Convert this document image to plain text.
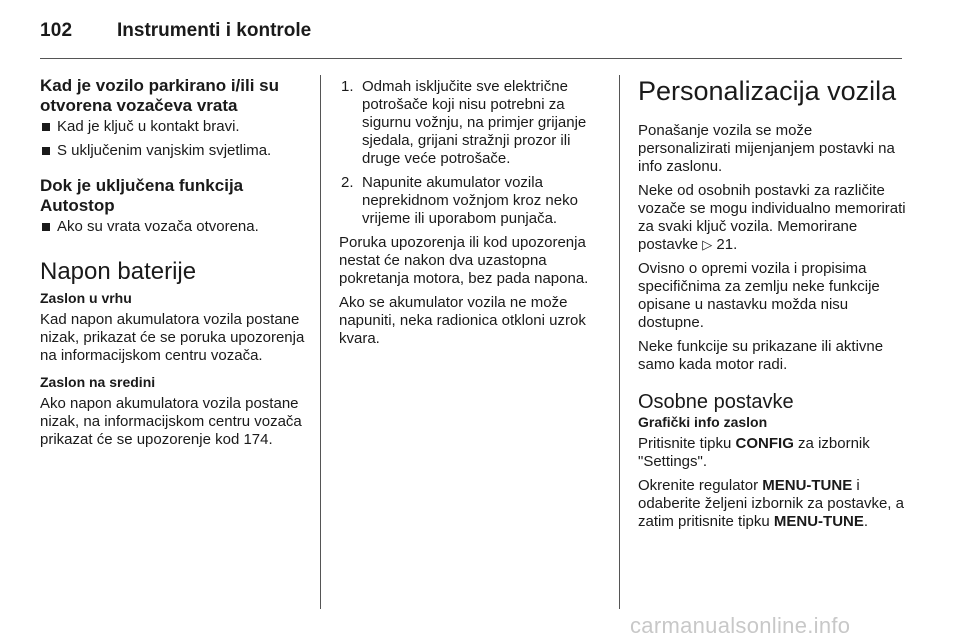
102 Instrumenti i kontrole
Kad je vozilo parkirano i/ili su otvorena vozačeva vrata
Kad je ključ u kontakt bravi.
S uključenim vanjskim svjetlima.
Dok je uključena funkcija Autostop
Ako su vrata vozača otvorena.
Napon baterije
Zaslon u vrhu

Kad napon akumulatora vozila postane nizak, prikazat će se poruka upozorenja na informacijskom centru vozača.

Zaslon na sredini

Ako napon akumulatora vozila postane nizak, na informacijskom centru vozača prikazat će se upozorenje kod 174.

1. Odmah isključite sve električne potrošače koji nisu potrebni za sigurnu vožnju, na primjer grijanje sjedala, grijani stražnji prozor ili druge veće potrošače.
2. Napunite akumulator vozila neprekidnom vožnjom kroz neko vrijeme ili uporabom punjača.

Poruka upozorenja ili kod upozorenja nestat će nakon dva uzastopna pokretanja motora, bez pada napona.

Ako se akumulator vozila ne može napuniti, neka radionica otkloni uzrok kvara.

Personalizacija vozila

Ponašanje vozila se može personalizirati mijenjanjem postavki na info zaslonu.

Neke od osobnih postavki za različite vozače se mogu individualno memorirati za svaki ključ vozila. Memorirane postavke ▷ 21.

Ovisno o opremi vozila i propisima specifičnima za zemlju neke funkcije opisane u nastavku možda nisu dostupne.

Neke funkcije su prikazane ili aktivne samo kada motor radi.

Osobne postavke
Grafički info zaslon

Pritisnite tipku CONFIG za izbornik "Settings".

Okrenite regulator MENU-TUNE i odaberite željeni izbornik za postavke, a zatim pritisnite tipku MENU-TUNE.

carmanualsonline.info
